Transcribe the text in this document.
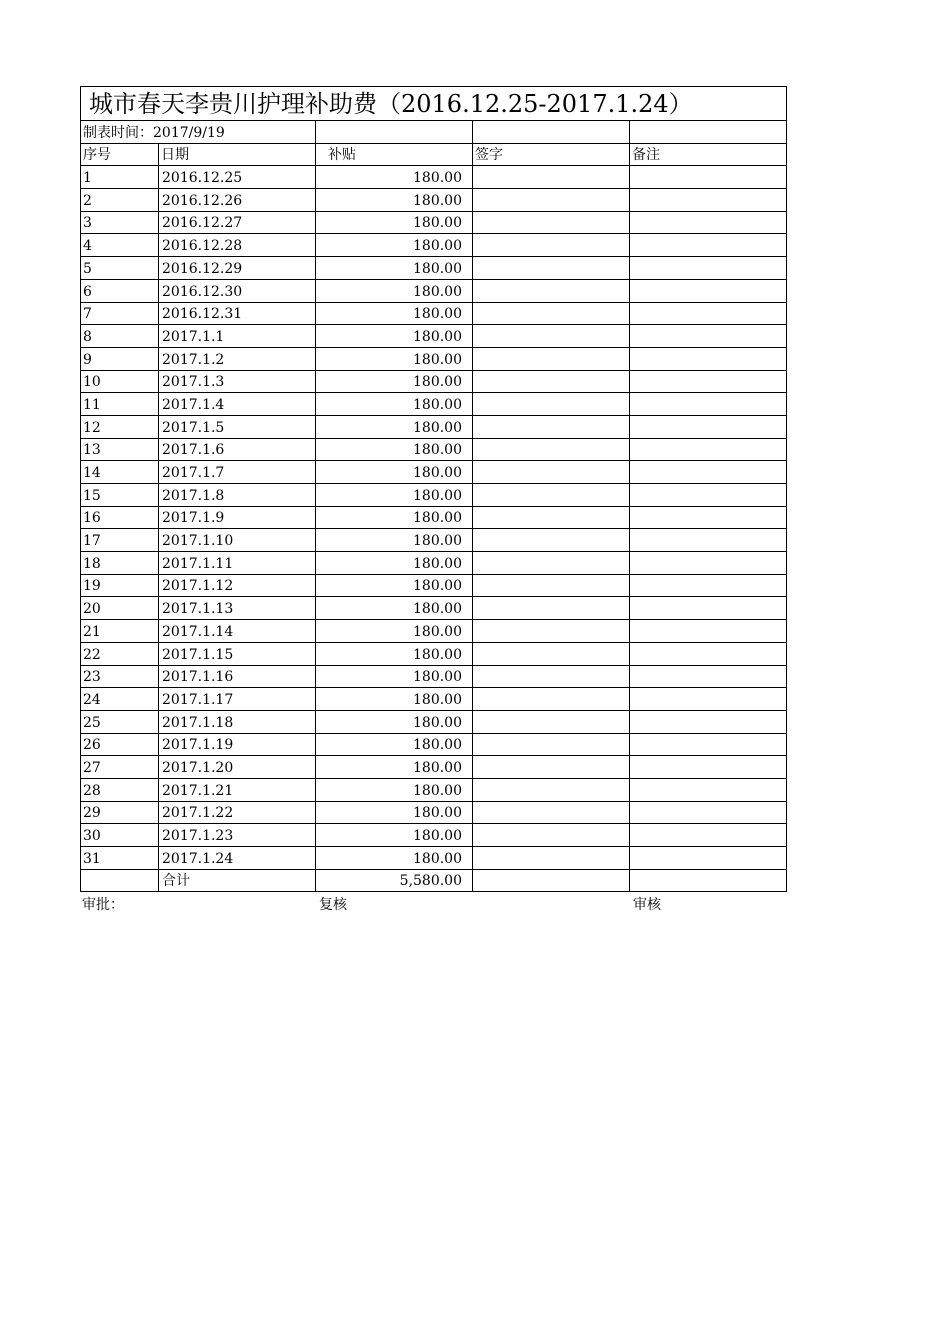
城市春天李贵川护理补助费（2016.12.25-2017.1.24）				
制表时间：2017/9/19				
序号	日期	补贴	签字	备注
1	2016.12.25	180.00		
2	2016.12.26	180.00		
3	2016.12.27	180.00		
4	2016.12.28	180.00		
5	2016.12.29	180.00		
6	2016.12.30	180.00		
7	2016.12.31	180.00		
8	2017.1.1	180.00		
9	2017.1.2	180.00		
10	2017.1.3	180.00		
11	2017.1.4	180.00		
12	2017.1.5	180.00		
13	2017.1.6	180.00		
14	2017.1.7	180.00		
15	2017.1.8	180.00		
16	2017.1.9	180.00		
17	2017.1.10	180.00		
18	2017.1.11	180.00		
19	2017.1.12	180.00		
20	2017.1.13	180.00		
21	2017.1.14	180.00		
22	2017.1.15	180.00		
23	2017.1.16	180.00		
24	2017.1.17	180.00		
25	2017.1.18	180.00		
26	2017.1.19	180.00		
27	2017.1.20	180.00		
28	2017.1.21	180.00		
29	2017.1.22	180.00		
30	2017.1.23	180.00		
31	2017.1.24	180.00		
	合计	5,580.00		
审批：	复核	审核
